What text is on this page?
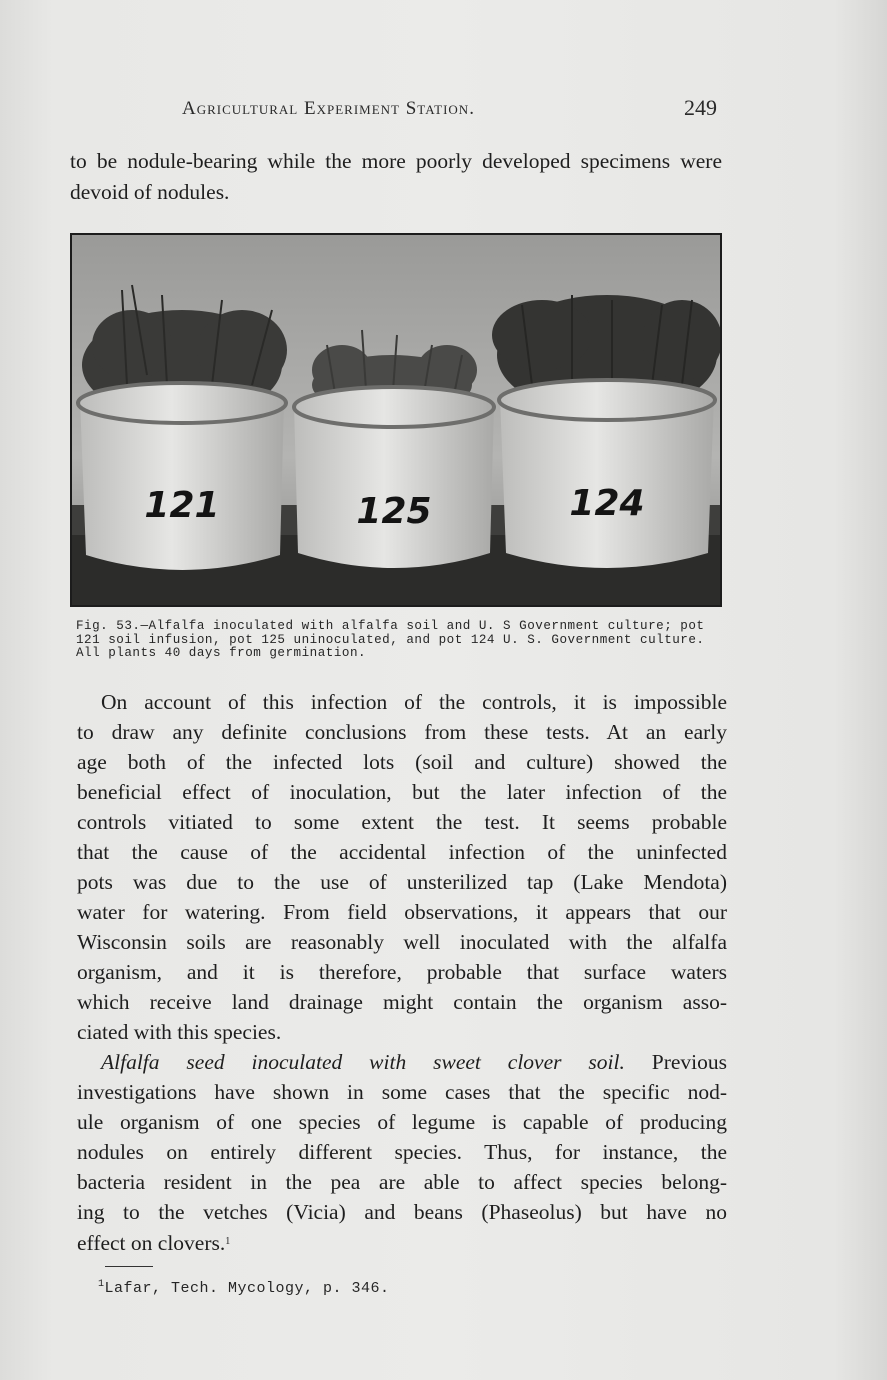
Agricultural Experiment Station.	249
to be nodule-bearing while the more poorly developed specimens were devoid of nodules.
121	125	124
Fig. 53.—Alfalfa inoculated with alfalfa soil and U. S Government culture; pot
121 soil infusion, pot 125 uninoculated, and pot 124 U. S. Government culture.
All plants 40 days from germination.
On account of this infection of the controls, it is impossible
to draw any definite conclusions from these tests. At an early
age both of the infected lots (soil and culture) showed the
beneficial effect of inoculation, but the later infection of the
controls vitiated to some extent the test. It seems probable
that the cause of the accidental infection of the uninfected
pots was due to the use of unsterilized tap (Lake Mendota)
water for watering. From field observations, it appears that our
Wisconsin soils are reasonably well inoculated with the alfalfa
organism, and it is therefore, probable that surface waters
which receive land drainage might contain the organism asso-
ciated with this species.
Alfalfa seed inoculated with sweet clover soil. Previous
investigations have shown in some cases that the specific nod-
ule organism of one species of legume is capable of producing
nodules on entirely different species. Thus, for instance, the
bacteria resident in the pea are able to affect species belong-
ing to the vetches (Vicia) and beans (Phaseolus) but have no
effect on clovers.$^1$
$^1$Lafar, Tech. Mycology, p. 346.
